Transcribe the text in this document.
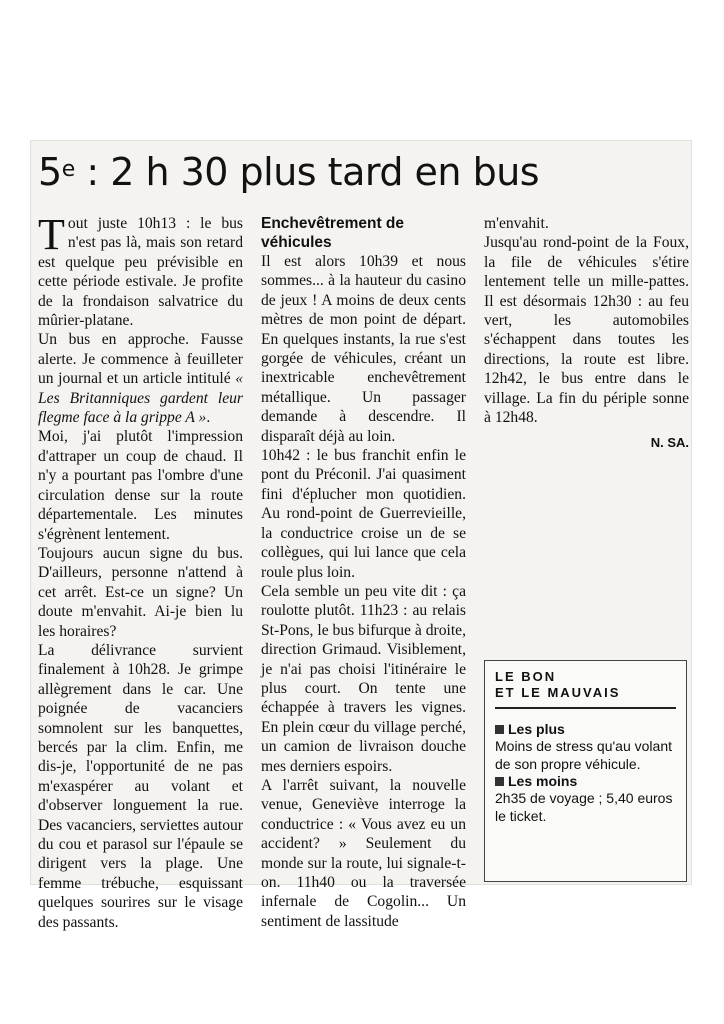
5e : 2 h 30 plus tard en bus

Tout juste 10h13 : le bus n'est pas là, mais son retard est quelque peu prévisible en cette période estivale. Je profite de la frondaison salvatrice du mûrier-platane.

Un bus en approche. Fausse alerte. Je commence à feuilleter un journal et un article intitulé « Les Britanniques gardent leur flegme face à la grippe A ».

Moi, j'ai plutôt l'impression d'attraper un coup de chaud. Il n'y a pourtant pas l'ombre d'une circulation dense sur la route départementale. Les minutes s'égrènent lentement.

Toujours aucun signe du bus. D'ailleurs, personne n'attend à cet arrêt. Est-ce un signe? Un doute m'envahit. Ai-je bien lu les horaires?

La délivrance survient finalement à 10h28. Je grimpe allègrement dans le car. Une poignée de vacanciers somnolent sur les banquettes, bercés par la clim. Enfin, me dis-je, l'opportunité de ne pas m'exaspérer au volant et d'observer longuement la rue. Des vacanciers, serviettes autour du cou et parasol sur l'épaule se dirigent vers la plage. Une femme trébuche, esquissant quelques sourires sur le visage des passants.

Enchevêtrement de véhicules

Il est alors 10h39 et nous sommes... à la hauteur du casino de jeux ! A moins de deux cents mètres de mon point de départ. En quelques instants, la rue s'est gorgée de véhicules, créant un inextricable enchevêtrement métallique. Un passager demande à descendre. Il disparaît déjà au loin.

10h42 : le bus franchit enfin le pont du Préconil. J'ai quasiment fini d'éplucher mon quotidien. Au rond-point de Guerrevieille, la conductrice croise un de se collègues, qui lui lance que cela roule plus loin.

Cela semble un peu vite dit : ça roulotte plutôt. 11h23 : au relais St-Pons, le bus bifurque à droite, direction Grimaud. Visiblement, je n'ai pas choisi l'itinéraire le plus court. On tente une échappée à travers les vignes. En plein cœur du village perché, un camion de livraison douche mes derniers espoirs.

A l'arrêt suivant, la nouvelle venue, Geneviève interroge la conductrice : « Vous avez eu un accident? » Seulement du monde sur la route, lui signale-t-on. 11h40 ou la traversée infernale de Cogolin... Un sentiment de lassitude

m'envahit.

Jusqu'au rond-point de la Foux, la file de véhicules s'étire lentement telle un mille-pattes. Il est désormais 12h30 : au feu vert, les automobiles s'échappent dans toutes les directions, la route est libre. 12h42, le bus entre dans le village. La fin du périple sonne à 12h48.

N. SA.
LE BON
ET LE MAUVAIS
Les plus
Moins de stress qu'au volant de son propre véhicule.
Les moins
2h35 de voyage ; 5,40 euros le ticket.
